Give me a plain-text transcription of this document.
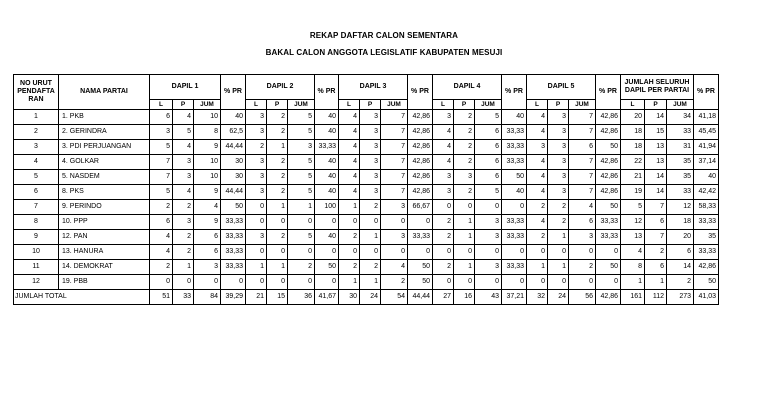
REKAP DAFTAR CALON SEMENTARA
BAKAL CALON ANGGOTA LEGISLATIF KABUPATEN MESUJI
NO URUT PENDAFTA RAN	NAMA PARTAI	DAPIL 1			% PR	DAPIL 2			% PR	DAPIL 3			% PR	DAPIL 4			% PR	DAPIL 5			% PR	JUMLAH SELURUH DAPIL PER PARTAI			% PR
		L	P	JUM		L	P	JUM		L	P	JUM		L	P	JUM		L	P	JUM		L	P	JUM	
1	1. PKB	6	4	10	40	3	2	5	40	4	3	7	42,86	3	2	5	40	4	3	7	42,86	20	14	34	41,18
2	2. GERINDRA	3	5	8	62,5	3	2	5	40	4	3	7	42,86	4	2	6	33,33	4	3	7	42,86	18	15	33	45,45
3	3. PDI PERJUANGAN	5	4	9	44,44	2	1	3	33,33	4	3	7	42,86	4	2	6	33,33	3	3	6	50	18	13	31	41,94
4	4. GOLKAR	7	3	10	30	3	2	5	40	4	3	7	42,86	4	2	6	33,33	4	3	7	42,86	22	13	35	37,14
5	5. NASDEM	7	3	10	30	3	2	5	40	4	3	7	42,86	3	3	6	50	4	3	7	42,86	21	14	35	40
6	8. PKS	5	4	9	44,44	3	2	5	40	4	3	7	42,86	3	2	5	40	4	3	7	42,86	19	14	33	42,42
7	9. PERINDO	2	2	4	50	0	1	1	100	1	2	3	66,67	0	0	0	0	2	2	4	50	5	7	12	58,33
8	10. PPP	6	3	9	33,33	0	0	0	0	0	0	0	0	2	1	3	33,33	4	2	6	33,33	12	6	18	33,33
9	12. PAN	4	2	6	33,33	3	2	5	40	2	1	3	33,33	2	1	3	33,33	2	1	3	33,33	13	7	20	35
10	13. HANURA	4	2	6	33,33	0	0	0	0	0	0	0	0	0	0	0	0	0	0	0	0	4	2	6	33,33
11	14. DEMOKRAT	2	1	3	33,33	1	1	2	50	2	2	4	50	2	1	3	33,33	1	1	2	50	8	6	14	42,86
12	19. PBB	0	0	0	0	0	0	0	0	1	1	2	50	0	0	0	0	0	0	0	0	1	1	2	50
JUMLAH TOTAL		51	33	84	39,29	21	15	36	41,67	30	24	54	44,44	27	16	43	37,21	32	24	56	42,86	161	112	273	41,03
